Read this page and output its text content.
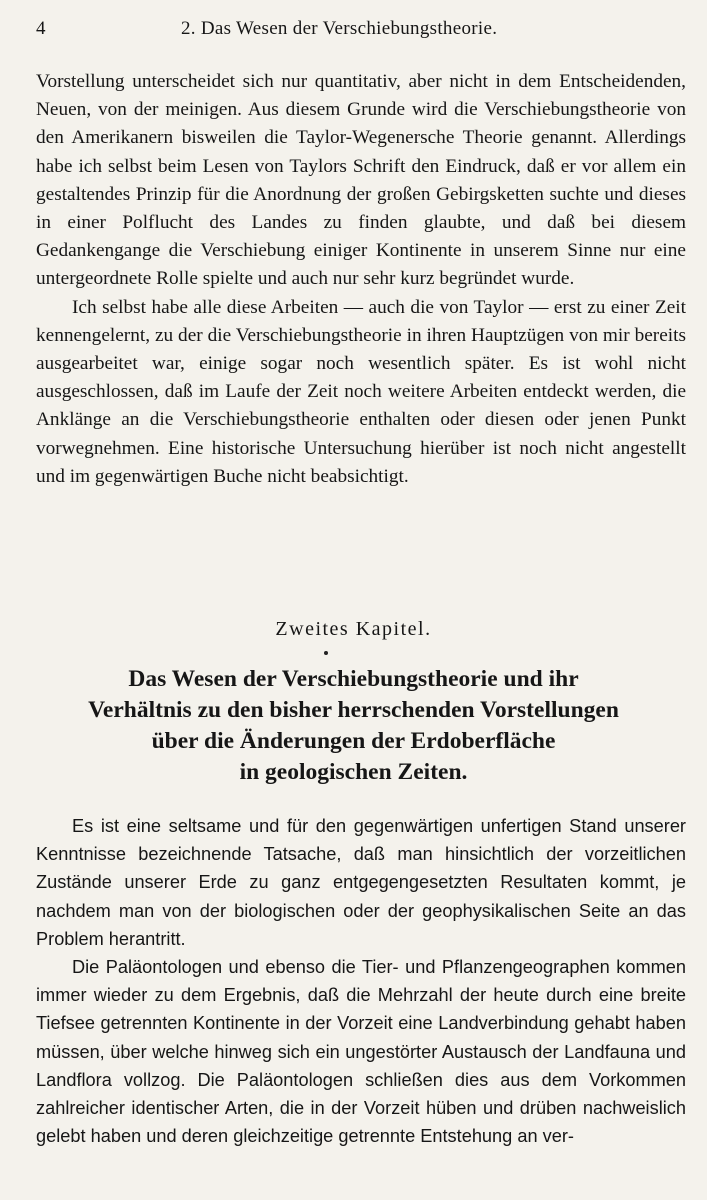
4	2. Das Wesen der Verschiebungstheorie.

Vorstellung unterscheidet sich nur quantitativ, aber nicht in dem Entscheidenden, Neuen, von der meinigen. Aus diesem Grunde wird die Verschiebungstheorie von den Amerikanern bisweilen die Taylor-Wegenersche Theorie genannt. Allerdings habe ich selbst beim Lesen von Taylors Schrift den Eindruck, daß er vor allem ein gestaltendes Prinzip für die Anordnung der großen Gebirgsketten suchte und dieses in einer Polflucht des Landes zu finden glaubte, und daß bei diesem Gedankengange die Verschiebung einiger Kontinente in unserem Sinne nur eine untergeordnete Rolle spielte und auch nur sehr kurz begründet wurde.

Ich selbst habe alle diese Arbeiten — auch die von Taylor — erst zu einer Zeit kennengelernt, zu der die Verschiebungstheorie in ihren Hauptzügen von mir bereits ausgearbeitet war, einige sogar noch wesentlich später. Es ist wohl nicht ausgeschlossen, daß im Laufe der Zeit noch weitere Arbeiten entdeckt werden, die Anklänge an die Verschiebungstheorie enthalten oder diesen oder jenen Punkt vorwegnehmen. Eine historische Untersuchung hierüber ist noch nicht angestellt und im gegenwärtigen Buche nicht beabsichtigt.

Zweites Kapitel.
Das Wesen der Verschiebungstheorie und ihr
Verhältnis zu den bisher herrschenden Vorstellungen
über die Änderungen der Erdoberfläche
in geologischen Zeiten.

Es ist eine seltsame und für den gegenwärtigen unfertigen Stand unserer Kenntnisse bezeichnende Tatsache, daß man hinsichtlich der vorzeitlichen Zustände unserer Erde zu ganz entgegengesetzten Resultaten kommt, je nachdem man von der biologischen oder der geophysikalischen Seite an das Problem herantritt.

Die Paläontologen und ebenso die Tier- und Pflanzengeographen kommen immer wieder zu dem Ergebnis, daß die Mehrzahl der heute durch eine breite Tiefsee getrennten Kontinente in der Vorzeit eine Landverbindung gehabt haben müssen, über welche hinweg sich ein ungestörter Austausch der Landfauna und Landflora vollzog. Die Paläontologen schließen dies aus dem Vorkommen zahlreicher identischer Arten, die in der Vorzeit hüben und drüben nachweislich gelebt haben und deren gleichzeitige getrennte Entstehung an ver-
